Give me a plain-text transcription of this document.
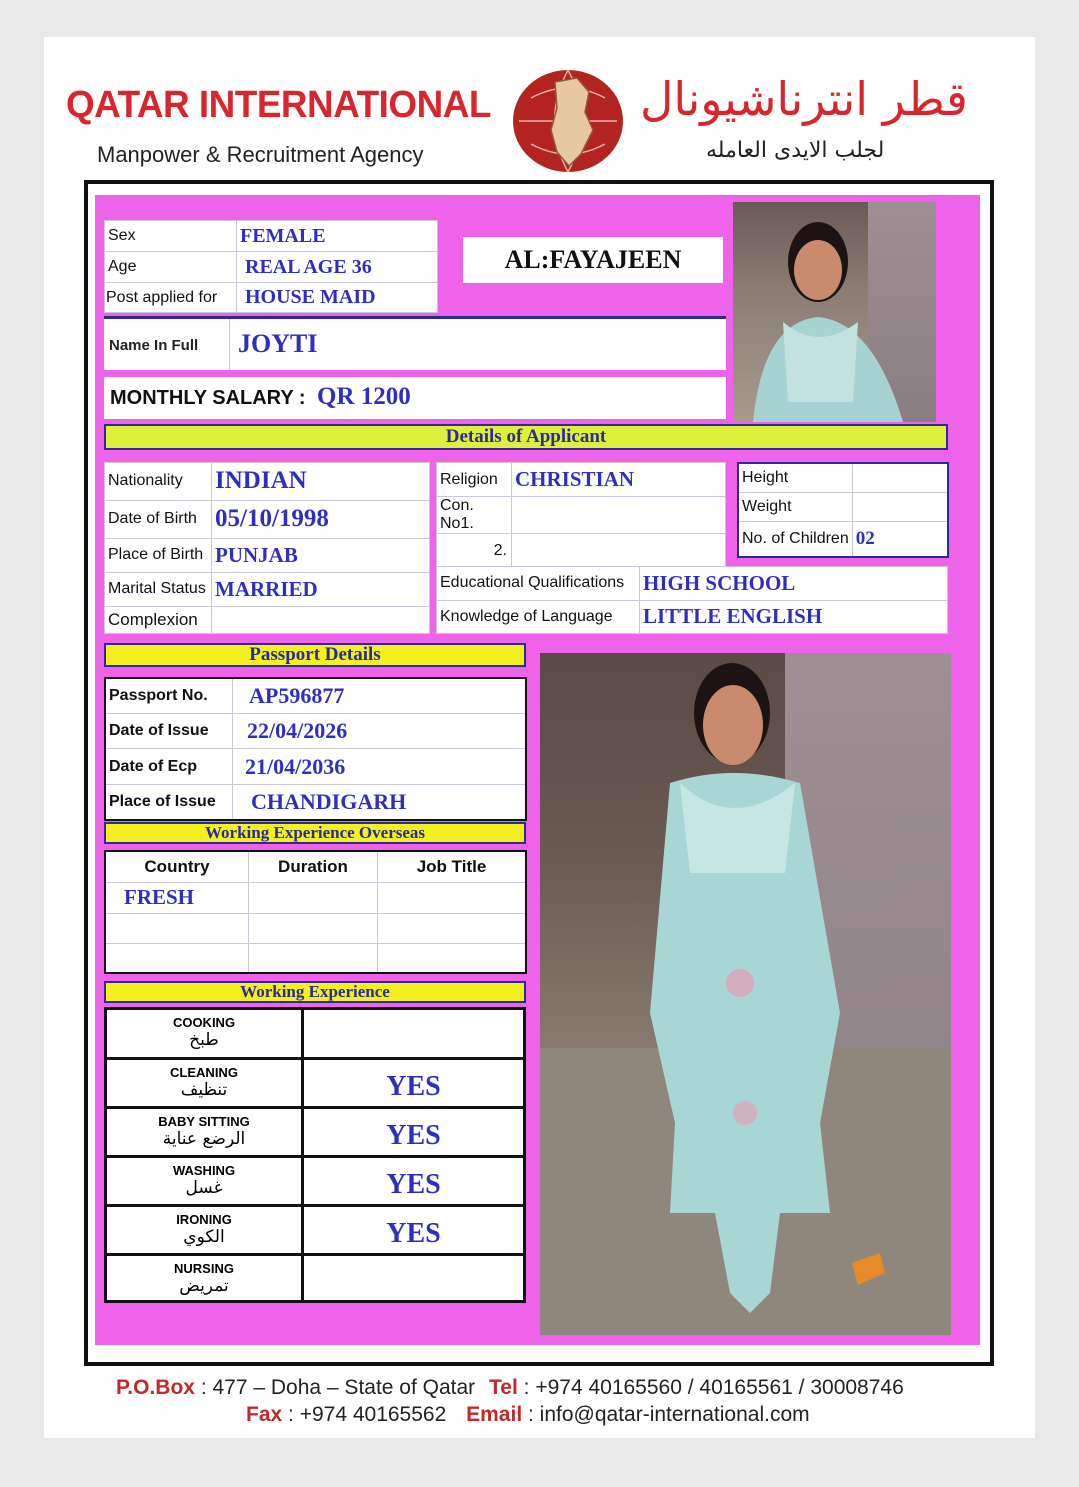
QATAR INTERNATIONAL
Manpower & Recruitment Agency
قطر انترناشيونال
لجلب الايدى العامله
Sex	FEMALE
Age	REAL AGE 36
Post applied for	HOUSE MAID
AL:FAYAJEEN
Name In Full JOYTI
MONTHLY SALARY : QR 1200
Details of Applicant
Nationality	INDIAN
Date of Birth	05/10/1998
Place of Birth	PUNJAB
Marital Status	MARRIED
Complexion	
Religion	CHRISTIAN
Con. No1.	
2.	
Height	
Weight	
No. of Children	02
Educational Qualifications	HIGH SCHOOL
Knowledge of Language	LITTLE ENGLISH
Passport Details
Passport No.	AP596877
Date of Issue	22/04/2026
Date of Ecp	21/04/2036
Place of Issue	CHANDIGARH
Working Experience Overseas
Country	Duration	Job Title
FRESH		

Working Experience
COOKING
طبخ
CLEANING
تنظيف	YES
BABY SITTING
الرضع عناية	YES
WASHING
غسل	YES
IRONING
الكوي	YES
NURSING
تمريض
P.O.Box : 477 – Doha – State of Qatar Tel : +974 40165560 / 40165561 / 30008746
Fax : +974 40165562 Email : info@qatar-international.com
